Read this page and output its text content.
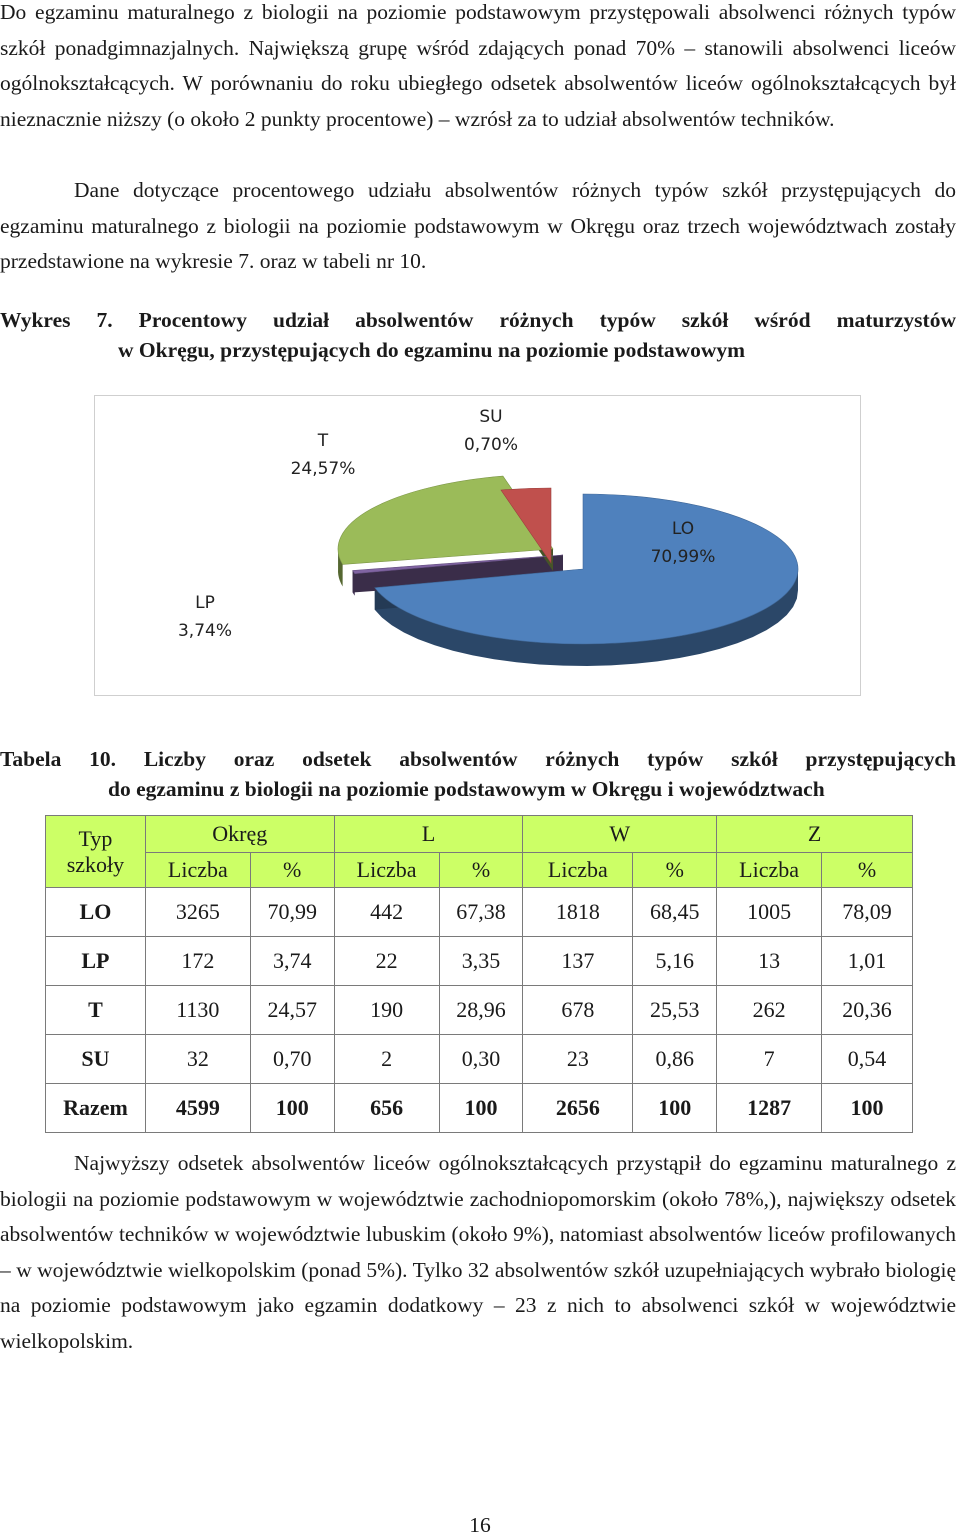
Do egzaminu maturalnego z biologii na poziomie podstawowym przystępowali absolwenci różnych typów szkół ponadgimnazjalnych. Największą grupę wśród zdających ponad 70% – stanowili absolwenci liceów ogólnokształcących. W porównaniu do roku ubiegłego odsetek absolwentów liceów ogólnokształcących był nieznacznie niższy (o około 2 punkty procentowe) – wzrósł za to udział absolwentów techników.

Dane dotyczące procentowego udziału absolwentów różnych typów szkół przystępujących do egzaminu maturalnego z biologii na poziomie podstawowym w Okręgu oraz trzech województwach zostały przedstawione na wykresie 7. oraz w tabeli nr 10.

Wykres 7. Procentowy udział absolwentów różnych typów szkół wśród maturzystów
w Okręgu, przystępujących do egzaminu na poziomie podstawowym
LO
70,99%
SU
0,70%
T
24,57%
LP
3,74%
Tabela 10. Liczby oraz odsetek absolwentów różnych typów szkół przystępujących
do egzaminu z biologii na poziomie podstawowym w Okręgu i województwach
Typ
szkoły	Okręg		L		W		Z	
	Liczba	%	Liczba	%	Liczba	%	Liczba	%
LO	3265	70,99	442	67,38	1818	68,45	1005	78,09
LP	172	3,74	22	3,35	137	5,16	13	1,01
T	1130	24,57	190	28,96	678	25,53	262	20,36
SU	32	0,70	2	0,30	23	0,86	7	0,54
Razem	4599	100	656	100	2656	100	1287	100

Najwyższy odsetek absolwentów liceów ogólnokształcących przystąpił do egzaminu maturalnego z biologii na poziomie podstawowym w województwie zachodniopomorskim (około 78%,), największy odsetek absolwentów techników w województwie lubuskim (około 9%), natomiast absolwentów liceów profilowanych – w województwie wielkopolskim (ponad 5%). Tylko 32 absolwentów szkół uzupełniających wybrało biologię na poziomie podstawowym jako egzamin dodatkowy – 23 z nich to absolwenci szkół w województwie wielkopolskim.

16
